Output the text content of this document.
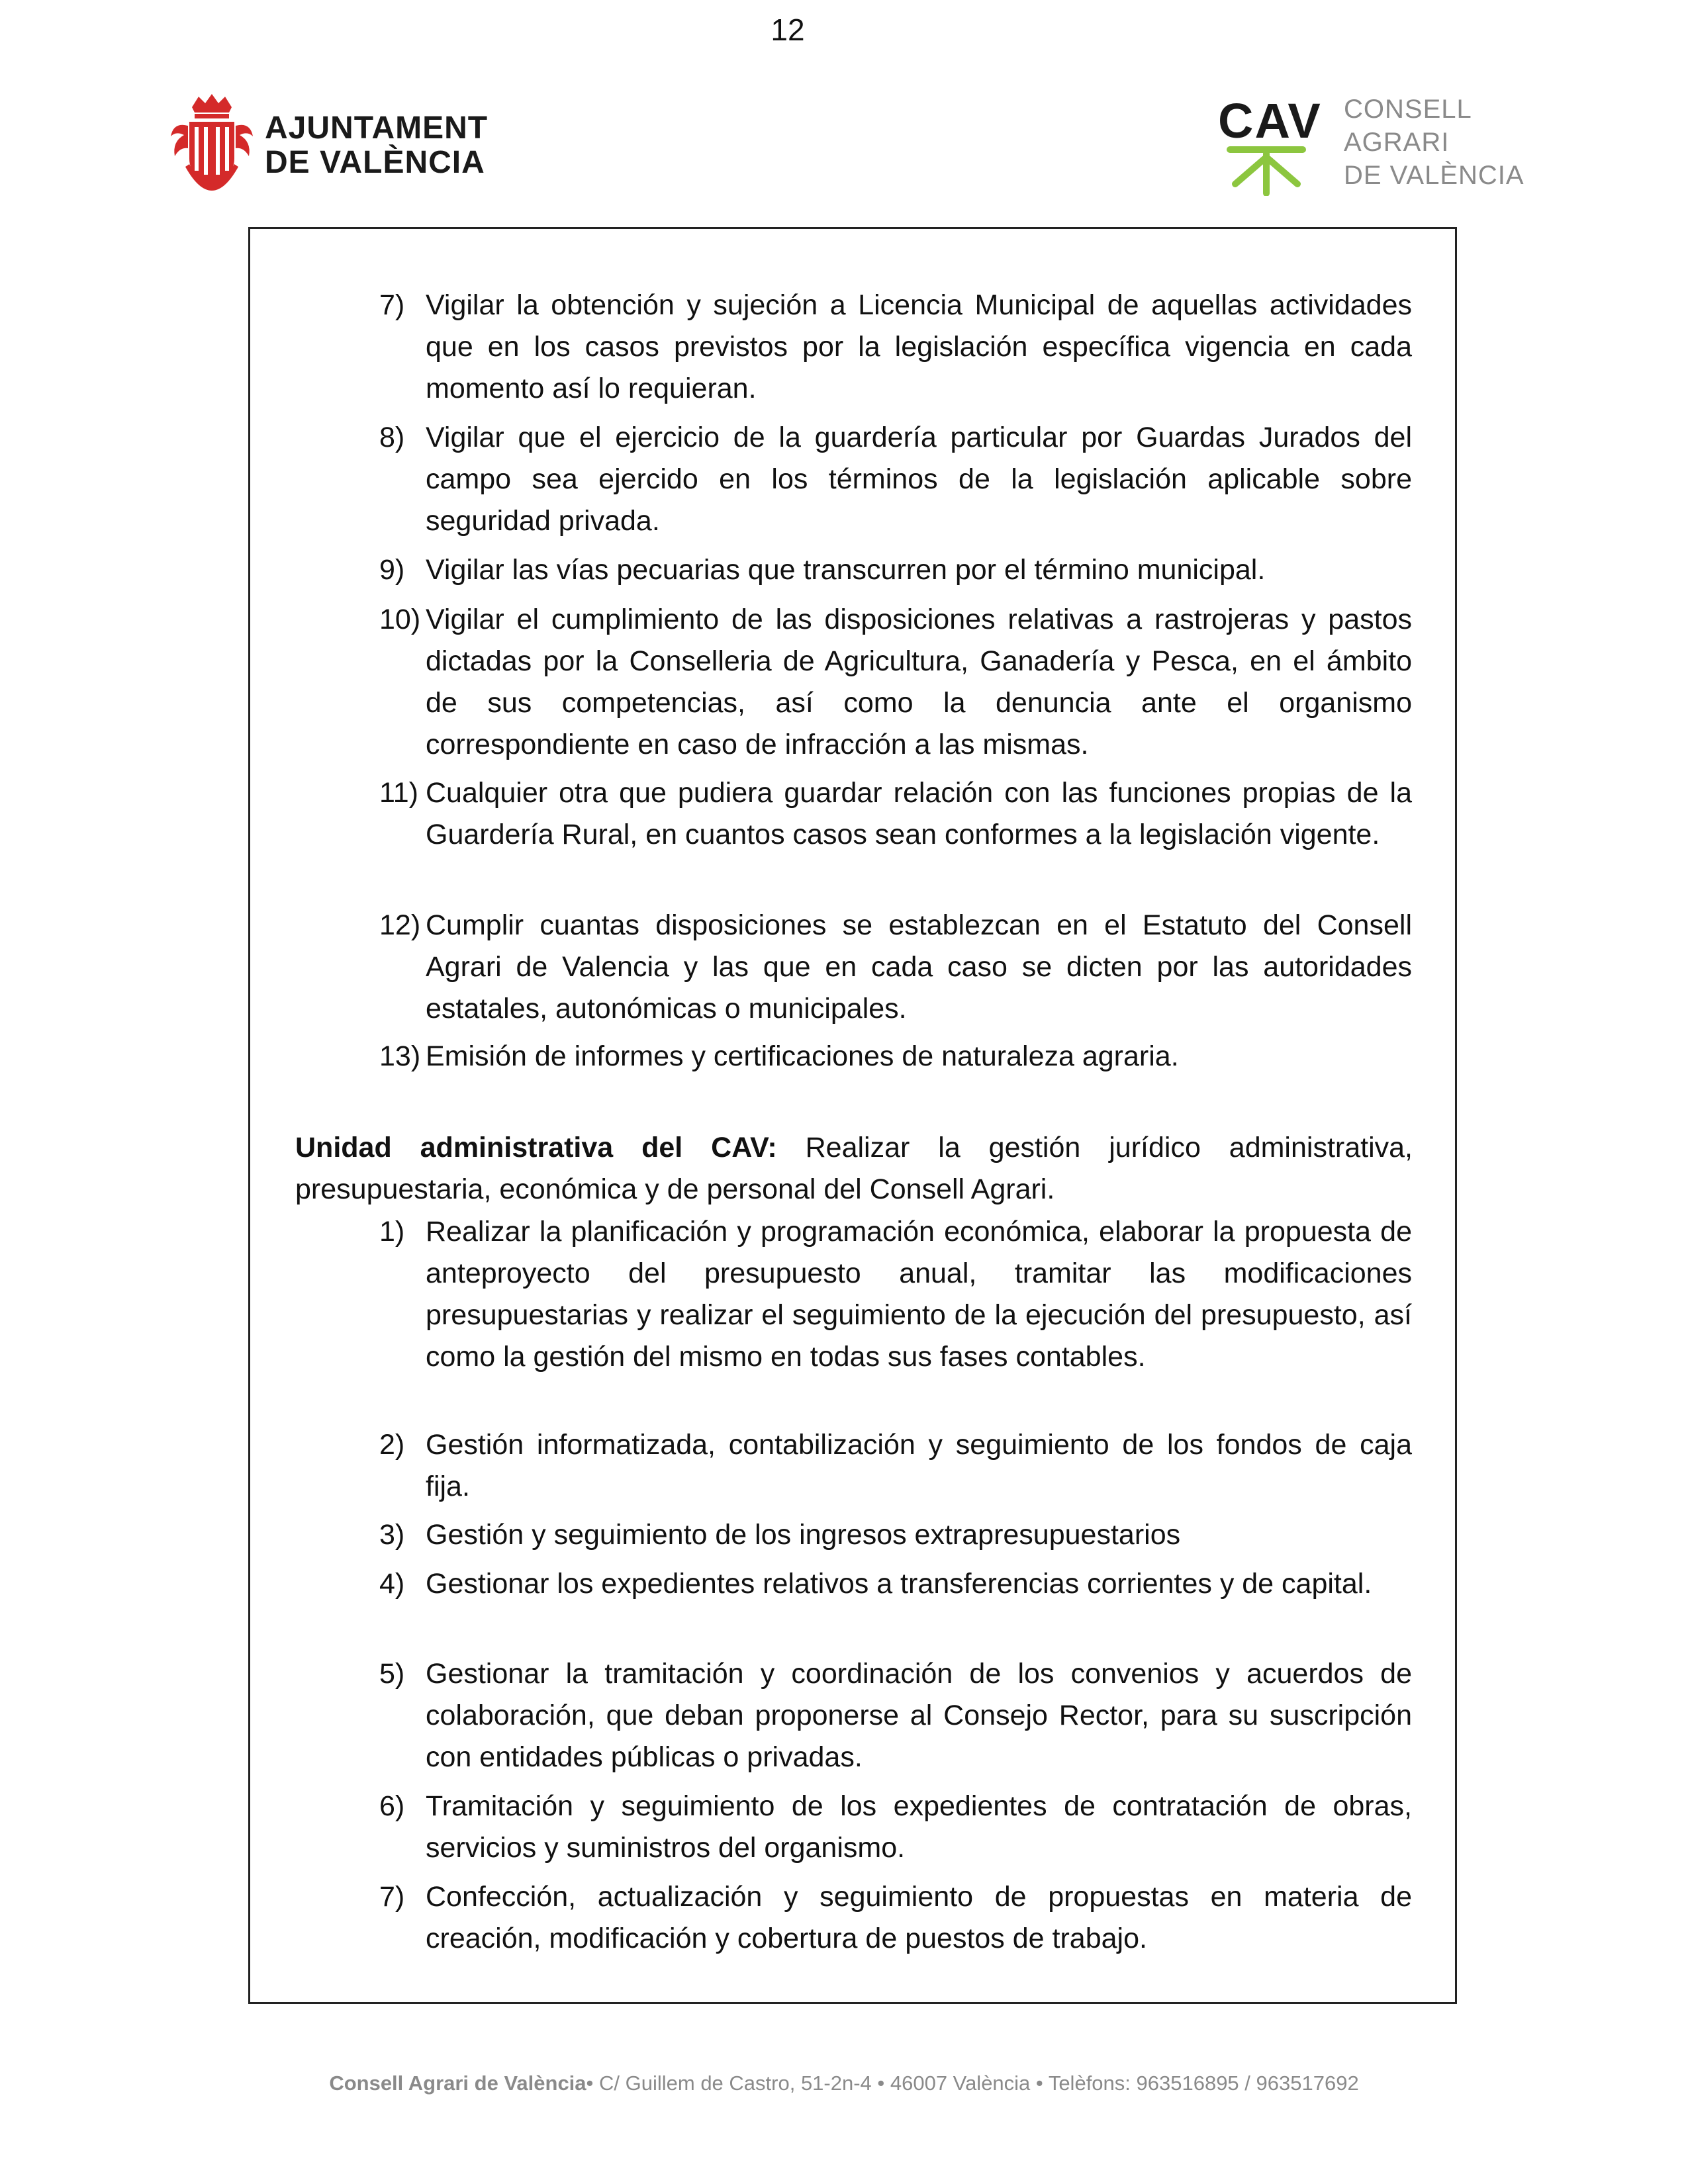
12
AJUNTAMENT
DE VALÈNCIA
CAV CONSELL
AGRARI
DE VALÈNCIA
7) Vigilar la obtención y sujeción a Licencia Municipal de aquellas actividades que en los casos previstos por la legislación específica vigencia en cada momento así lo requieran.
8) Vigilar que el ejercicio de la guardería particular por Guardas Jurados del campo sea ejercido en los términos de la legislación aplicable sobre seguridad privada.
9) Vigilar las vías pecuarias que transcurren por el término municipal.
10) Vigilar el cumplimiento de las disposiciones relativas a rastrojeras y pastos dictadas por la Conselleria de Agricultura, Ganadería y Pesca, en el ámbito de sus competencias, así como la denuncia ante el organismo correspondiente en caso de infracción a las mismas.
11) Cualquier otra que pudiera guardar relación con las funciones propias de la Guardería Rural, en cuantos casos sean conformes a la legislación vigente.
12) Cumplir cuantas disposiciones se establezcan en el Estatuto del Consell Agrari de Valencia y las que en cada caso se dicten por las autoridades estatales, autonómicas o municipales.
13) Emisión de informes y certificaciones de naturaleza agraria.
Unidad administrativa del CAV: Realizar la gestión jurídico administrativa, presupuestaria, económica y de personal del Consell Agrari.
1) Realizar la planificación y programación económica, elaborar la propuesta de anteproyecto del presupuesto anual, tramitar las modificaciones presupuestarias y realizar el seguimiento de la ejecución del presupuesto, así como la gestión del mismo en todas sus fases contables.
2) Gestión informatizada, contabilización y seguimiento de los fondos de caja fija.
3) Gestión y seguimiento de los ingresos extrapresupuestarios
4) Gestionar los expedientes relativos a transferencias corrientes y de capital.
5) Gestionar la tramitación y coordinación de los convenios y acuerdos de colaboración, que deban proponerse al Consejo Rector, para su suscripción con entidades públicas o privadas.
6) Tramitación y seguimiento de los expedientes de contratación de obras, servicios y suministros del organismo.
7) Confección, actualización y seguimiento de propuestas en materia de creación, modificación y cobertura de puestos de trabajo.
Consell Agrari de València• C/ Guillem de Castro, 51-2n-4 • 46007 València • Telèfons: 963516895 / 963517692
